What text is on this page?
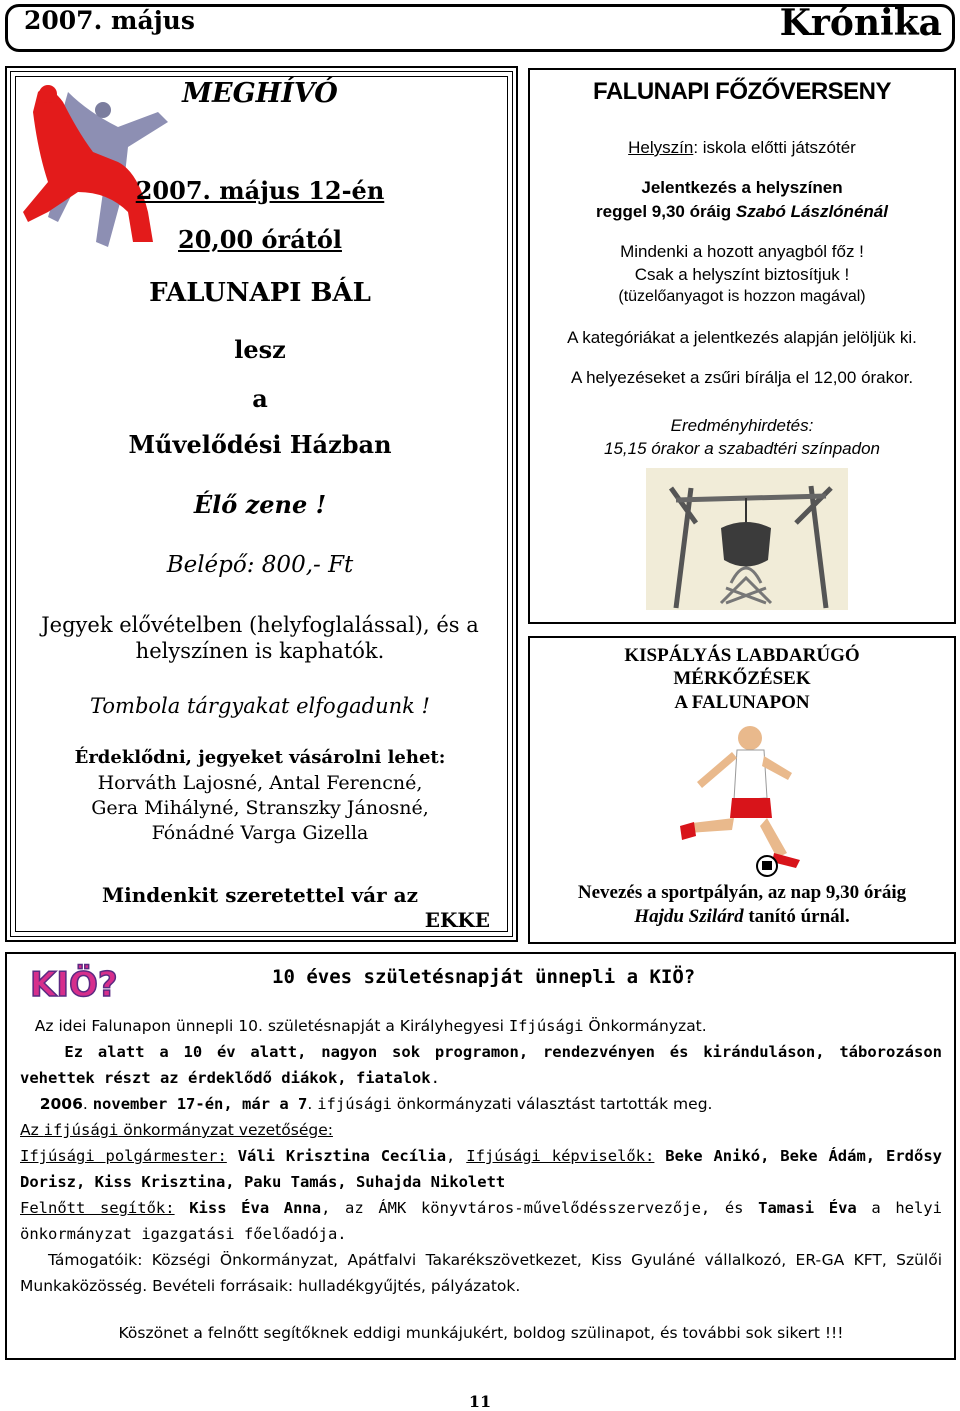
2007. május	Krónika
MEGHÍVÓ
2007. május 12-én
20,00 órától
FALUNAPI BÁL
lesz
a
Művelődési Házban
Élő zene !
Belépő: 800,- Ft
Jegyek elővételben (helyfoglalással), és a helyszínen is kaphatók.
Tombola tárgyakat elfogadunk !
Érdeklődni, jegyeket vásárolni lehet:
Horváth Lajosné, Antal Ferencné,
Gera Mihályné, Stranszky Jánosné,
Fónádné Varga Gizella
Mindenkit szeretettel vár az
EKKE
FALUNAPI FŐZŐVERSENY
Helyszín: iskola előtti játszótér
Jelentkezés a helyszínen
reggel 9,30 óráig Szabó Lászlónénál
Mindenki a hozott anyagból főz !
Csak a helyszínt biztosítjuk !
(tüzelőanyagot is hozzon magával)
A kategóriákat a jelentkezés alapján jelöljük ki.
A helyezéseket a zsűri bírálja el 12,00 órakor.
Eredményhirdetés:
15,15 órakor a szabadtéri színpadon
KISPÁLYÁS LABDARÚGÓ
MÉRKŐZÉSEK
A FALUNAPON
Nevezés a sportpályán, az nap 9,30 óráig
Hajdu Szilárd tanító úrnál.
KIÖ?	10 éves születésnapját ünnepli a KIÖ?
Az idei Falunapon ünnepli 10. születésnapját a Királyhegyesi Ifjúsági Önkormányzat.
Ez alatt a 10 év alatt, nagyon sok programon, rendezvényen és kiránduláson, táborozáson vehettek részt az érdeklődő diákok, fiatalok.
2006. november 17-én, már a 7. ifjúsági önkormányzati választást tartották meg.
Az ifjúsági önkormányzat vezetősége:
Ifjúsági polgármester: Váli Krisztina Cecília, Ifjúsági képviselők: Beke Anikó, Beke Ádám, Erdősy Dorisz, Kiss Krisztina, Paku Tamás, Suhajda Nikolett
Felnőtt segítők: Kiss Éva Anna, az ÁMK könyvtáros-művelődésszervezője, és Tamasi Éva a helyi önkormányzat igazgatási főelőadója.
Támogatóik: Községi Önkormányzat, Apátfalvi Takarékszövetkezet, Kiss Gyuláné vállalkozó, ER-GA KFT, Szülői Munkaközösség. Bevételi forrásaik: hulladékgyűjtés, pályázatok.
Köszönet a felnőtt segítőknek eddigi munkájukért, boldog szülinapot, és további sok sikert !!!
11
